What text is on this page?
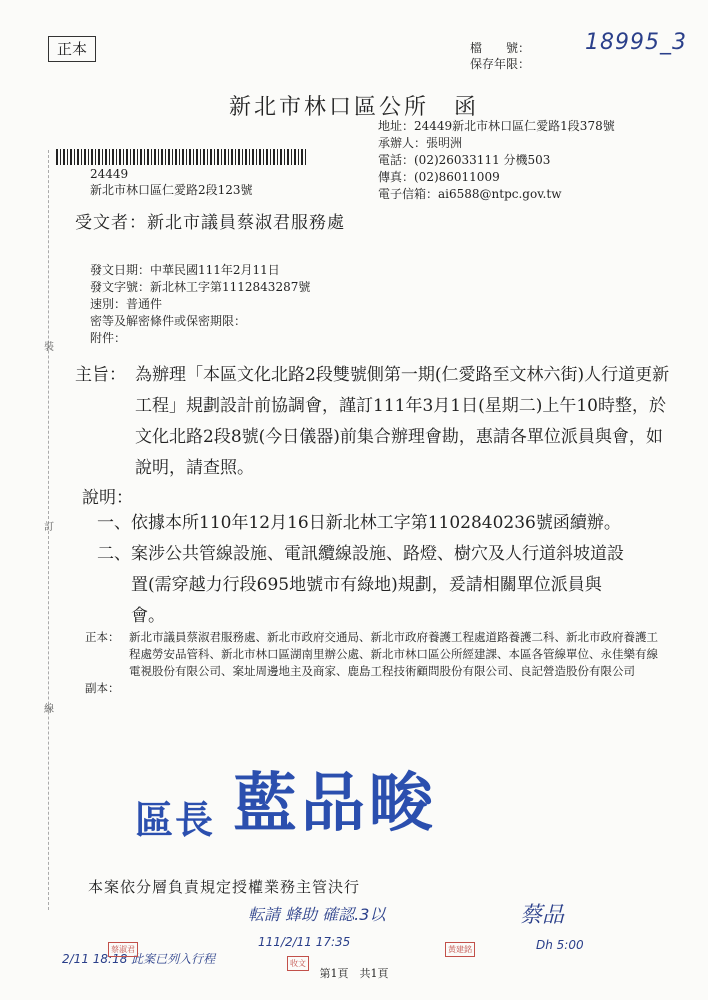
正本	18995_3
檔　　號：
保存年限：
新北市林口區公所　函
地址：24449新北市林口區仁愛路1段378號
承辦人：張明洲
電話：(02)26033111 分機503
傳真：(02)86011009
電子信箱：ai6588@ntpc.gov.tw
24449
新北市林口區仁愛路2段123號
受文者：新北市議員蔡淑君服務處
發文日期：中華民國111年2月11日
發文字號：新北林工字第1112843287號
速別：普通件
密等及解密條件或保密期限：
附件：
主旨： 為辦理「本區文化北路2段雙號側第一期(仁愛路至文林六街)人行道更新工程」規劃設計前協調會，謹訂111年3月1日(星期二)上午10時整，於文化北路2段8號(今日儀器)前集合辦理會勘，惠請各單位派員與會，如說明，請查照。
說明：
一、 依據本所110年12月16日新北林工字第1102840236號函續辦。
二、 案涉公共管線設施、電訊纜線設施、路燈、樹穴及人行道斜坡道設置(需穿越力行段695地號市有綠地)規劃，爰請相關單位派員與會。
正本： 新北市議員蔡淑君服務處、新北市政府交通局、新北市政府養護工程處道路養護二科、新北市政府養護工程處勞安品管科、新北市林口區湖南里辦公處、新北市林口區公所經建課、本區各管線單位、永佳樂有線電視股份有限公司、案址周邊地主及商家、鹿島工程技術顧問股份有限公司、良記營造股份有限公司
副本：
區長 藍品畯
本案依分層負責規定授權業務主管決行
転請 蜂助 確認.3以
111/2/11 17:35
2/11 18:18 此案已列入行程
蔡品
Dh 5:00
蔡淑君
收文
黃建銘
第1頁　共1頁
裝
訂
線
